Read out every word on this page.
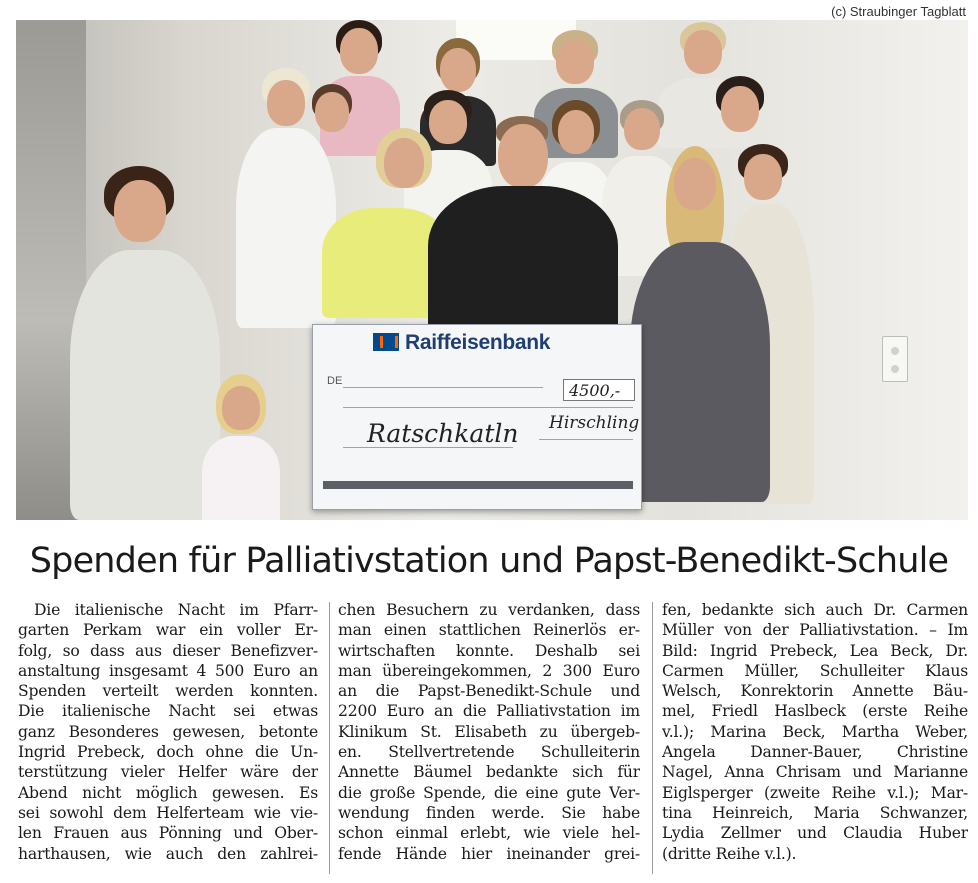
(c) Straubinger Tagblatt
Raiffeisenbank
DE	4500,-
Ratschkatln Hirschling
Spenden für Palliativstation und Papst-Benedikt-Schule
Die italienische Nacht im Pfarr-
garten Perkam war ein voller Er-
folg, so dass aus dieser Benefizver-
anstaltung insgesamt 4 500 Euro an
Spenden verteilt werden konnten.
Die italienische Nacht sei etwas
ganz Besonderes gewesen, betonte
Ingrid Prebeck, doch ohne die Un-
terstützung vieler Helfer wäre der
Abend nicht möglich gewesen. Es
sei sowohl dem Helferteam wie vie-
len Frauen aus Pönning und Ober-
harthausen, wie auch den zahlrei-
chen Besuchern zu verdanken, dass
man einen stattlichen Reinerlös er-
wirtschaften konnte. Deshalb sei
man übereingekommen, 2 300 Euro
an die Papst-Benedikt-Schule und
2200 Euro an die Palliativstation im
Klinikum St. Elisabeth zu übergeb-
en. Stellvertretende Schulleiterin
Annette Bäumel bedankte sich für
die große Spende, die eine gute Ver-
wendung finden werde. Sie habe
schon einmal erlebt, wie viele hel-
fende Hände hier ineinander grei-
fen, bedankte sich auch Dr. Carmen
Müller von der Palliativstation. – Im
Bild: Ingrid Prebeck, Lea Beck, Dr.
Carmen Müller, Schulleiter Klaus
Welsch, Konrektorin Annette Bäu-
mel, Friedl Haslbeck (erste Reihe
v.l.); Marina Beck, Martha Weber,
Angela Danner-Bauer, Christine
Nagel, Anna Chrisam und Marianne
Eiglsperger (zweite Reihe v.l.); Mar-
tina Heinreich, Maria Schwanzer,
Lydia Zellmer und Claudia Huber
(dritte Reihe v.l.).
